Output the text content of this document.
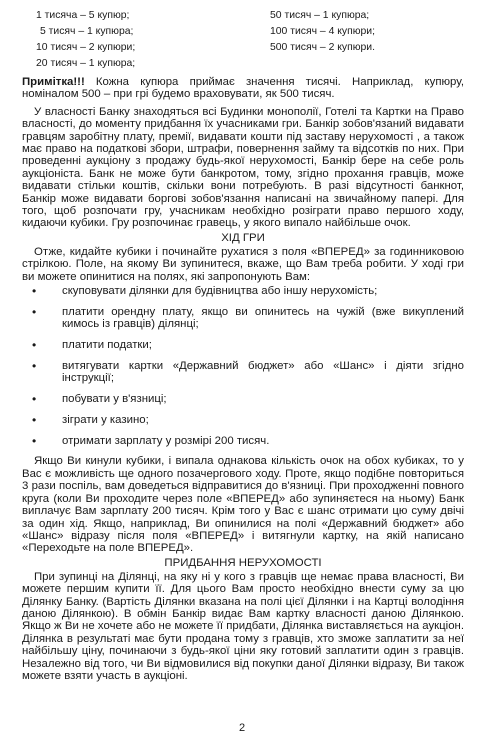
1 тисяча – 5 купюр;
5 тисяч – 1 купюра;
10 тисяч – 2 купюри;
20 тисяч – 1 купюра;
50 тисяч – 1 купюра;
100 тисяч – 4 купюри;
500 тисяч – 2 купюри.

Примітка!!! Кожна купюра приймає значення тисячі. Наприклад, купюру, номіналом 500 – при грі будемо враховувати, як 500 тисяч.

У власності Банку знаходяться всі Будинки монополії, Готелі та Картки на Право власності, до моменту придбання їх учасниками гри. Банкір зобов'язаний видавати гравцям заробітну плату, премії, видавати кошти під заставу нерухомості , а також має право на податкові збори, штрафи, повернення займу та відсотків по них. При проведенні аукціону з продажу будь-якої нерухомості, Банкір бере на себе роль аукціоніста. Банк не може бути банкротом, тому, згідно прохання гравців, може видавати стільки коштів, скільки вони потребують. В разі відсутності банкнот, Банкір може видавати боргові зобов'язання написані на звичайному папері. Для того, щоб розпочати гру, учасникам необхідно розіграти право першого ходу, кидаючи кубики. Гру розпочинає гравець, у якого випало найбільше очок.

ХІД ГРИ

Отже, кидайте кубики і починайте рухатися з поля «ВПЕРЕД» за годинниковою стрілкою. Поле, на якому Ви зупинитеся, вкаже, що Вам треба робити. У ході гри ви можете опинитися на полях, які запропонують Вам:

• скуповувати ділянки для будівництва або іншу нерухомість;
• платити орендну плату, якщо ви опинитесь на чужій (вже викуплений кимось із гравців) ділянці;
• платити податки;
• витягувати картки «Державний бюджет» або «Шанс» і діяти згідно інструкції;
• побувати у в'язниці;
• зіграти у казино;
• отримати зарплату у розмірі 200 тисяч.

Якщо Ви кинули кубики, і випала однакова кількість очок на обох кубиках, то у Вас є можливість ще одного позачергового ходу. Проте, якщо подібне повториться 3 рази поспіль, вам доведеться відправитися до в'язниці. При проходженні повного круга (коли Ви проходите через поле «ВПЕРЕД» або зупиняєтеся на ньому) Банк виплачує Вам зарплату 200 тисяч. Крім того у Вас є шанс отримати цю суму двічі за один хід. Якщо, наприклад, Ви опинилися на полі «Державний бюджет» або «Шанс» відразу після поля «ВПЕРЕД» і витягнули картку, на якій написано «Переходьте на поле ВПЕРЕД».

ПРИДБАННЯ НЕРУХОМОСТІ

При зупинці на Ділянці, на яку ні у кого з гравців ще немає права власності, Ви можете першим купити її. Для цього Вам просто необхідно внести суму за цю Ділянку Банку. (Вартість Ділянки вказана на полі цієї Ділянки і на Картці володіння даною Ділянкою). В обмін Банкір видає Вам картку власності даною Ділянкою. Якщо ж Ви не хочете або не можете її придбати, Ділянка виставляється на аукціон. Ділянка в результаті має бути продана тому з гравців, хто зможе заплатити за неї найбільшу ціну, починаючи з будь-якої ціни яку готовий заплатити один з гравців. Незалежно від того, чи Ви відмовилися від покупки даної Ділянки відразу, Ви також можете взяти участь в аукціоні.

2
